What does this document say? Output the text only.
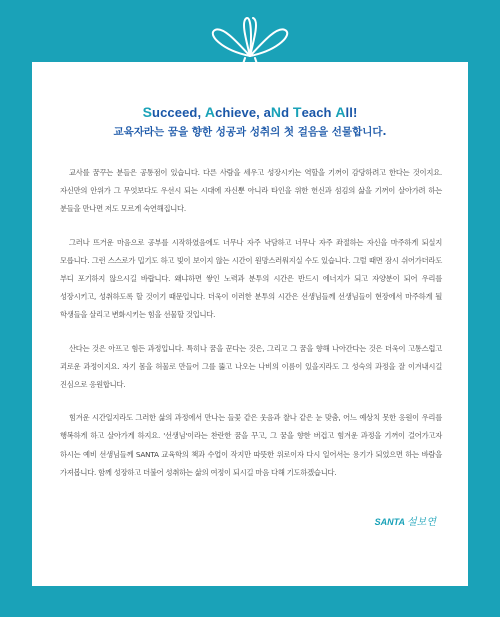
Succeed, Achieve, aNd Teach All!
교육자라는 꿈을 향한 성공과 성취의 첫 걸음을 선물합니다.

교사를 꿈꾸는 분들은 공통점이 있습니다. 다른 사람을 세우고 성장시키는 역할을 기꺼이 감당하려고 한다는 것이지요. 자신만의 안위가 그 무엇보다도 우선시 되는 시대에 자신뿐 아니라 타인을 위한 헌신과 섬김의 삶을 기꺼이 살아가려 하는 분들을 만나면 저도 모르게 숙연해집니다.

그러나 뜨거운 마음으로 공부를 시작하였음에도 너무나 자주 낙담하고 너무나 자주 좌절하는 자신을 마주하게 되실지 모릅니다. 그런 스스로가 밉기도 하고 빛이 보이지 않는 시간이 원망스러워지실 수도 있습니다. 그럴 때면 잠시 쉬어가더라도 부디 포기하지 않으시길 바랍니다. 왜냐하면 쌓인 노력과 분투의 시간은 반드시 에너지가 되고 자양분이 되어 우리를 성장시키고, 성취하도록 할 것이기 때문입니다. 더욱이 이러한 분투의 시간은 선생님들께 선생님들이 현장에서 마주하게 될 학생들을 살리고 변화시키는 힘을 선물할 것입니다.

산다는 것은 아프고 힘든 과정입니다. 특히나 꿈을 꾼다는 것은, 그리고 그 꿈을 향해 나아간다는 것은 더욱이 고통스럽고 괴로운 과정이지요. 자기 몸을 허물로 만들어 그를 뚫고 나오는 나비의 이름이 있을지라도 그 성숙의 과정을 잘 이겨내시길 진심으로 응원합니다.

힘겨운 시간일지라도 그러한 삶의 과정에서 만나는 들꽃 같은 웃음과 찰나 같은 눈 맞춤, 어느 예상치 못한 응원이 우리를 행복하게 하고 살아가게 하지요. '선생님'이라는 찬란한 꿈을 꾸고, 그 꿈을 향한 버겁고 힘겨운 과정을 기꺼이 걸어가고자 하시는 예비 선생님들께 SANTA 교육학의 책과 수업이 작지만 따뜻한 위로이자 다시 일어서는 용기가 되었으면 하는 바람을 가져봅니다. 함께 성장하고 더불어 성취하는 삶의 여정이 되시길 마음 다해 기도하겠습니다.

SANTA 설보연
